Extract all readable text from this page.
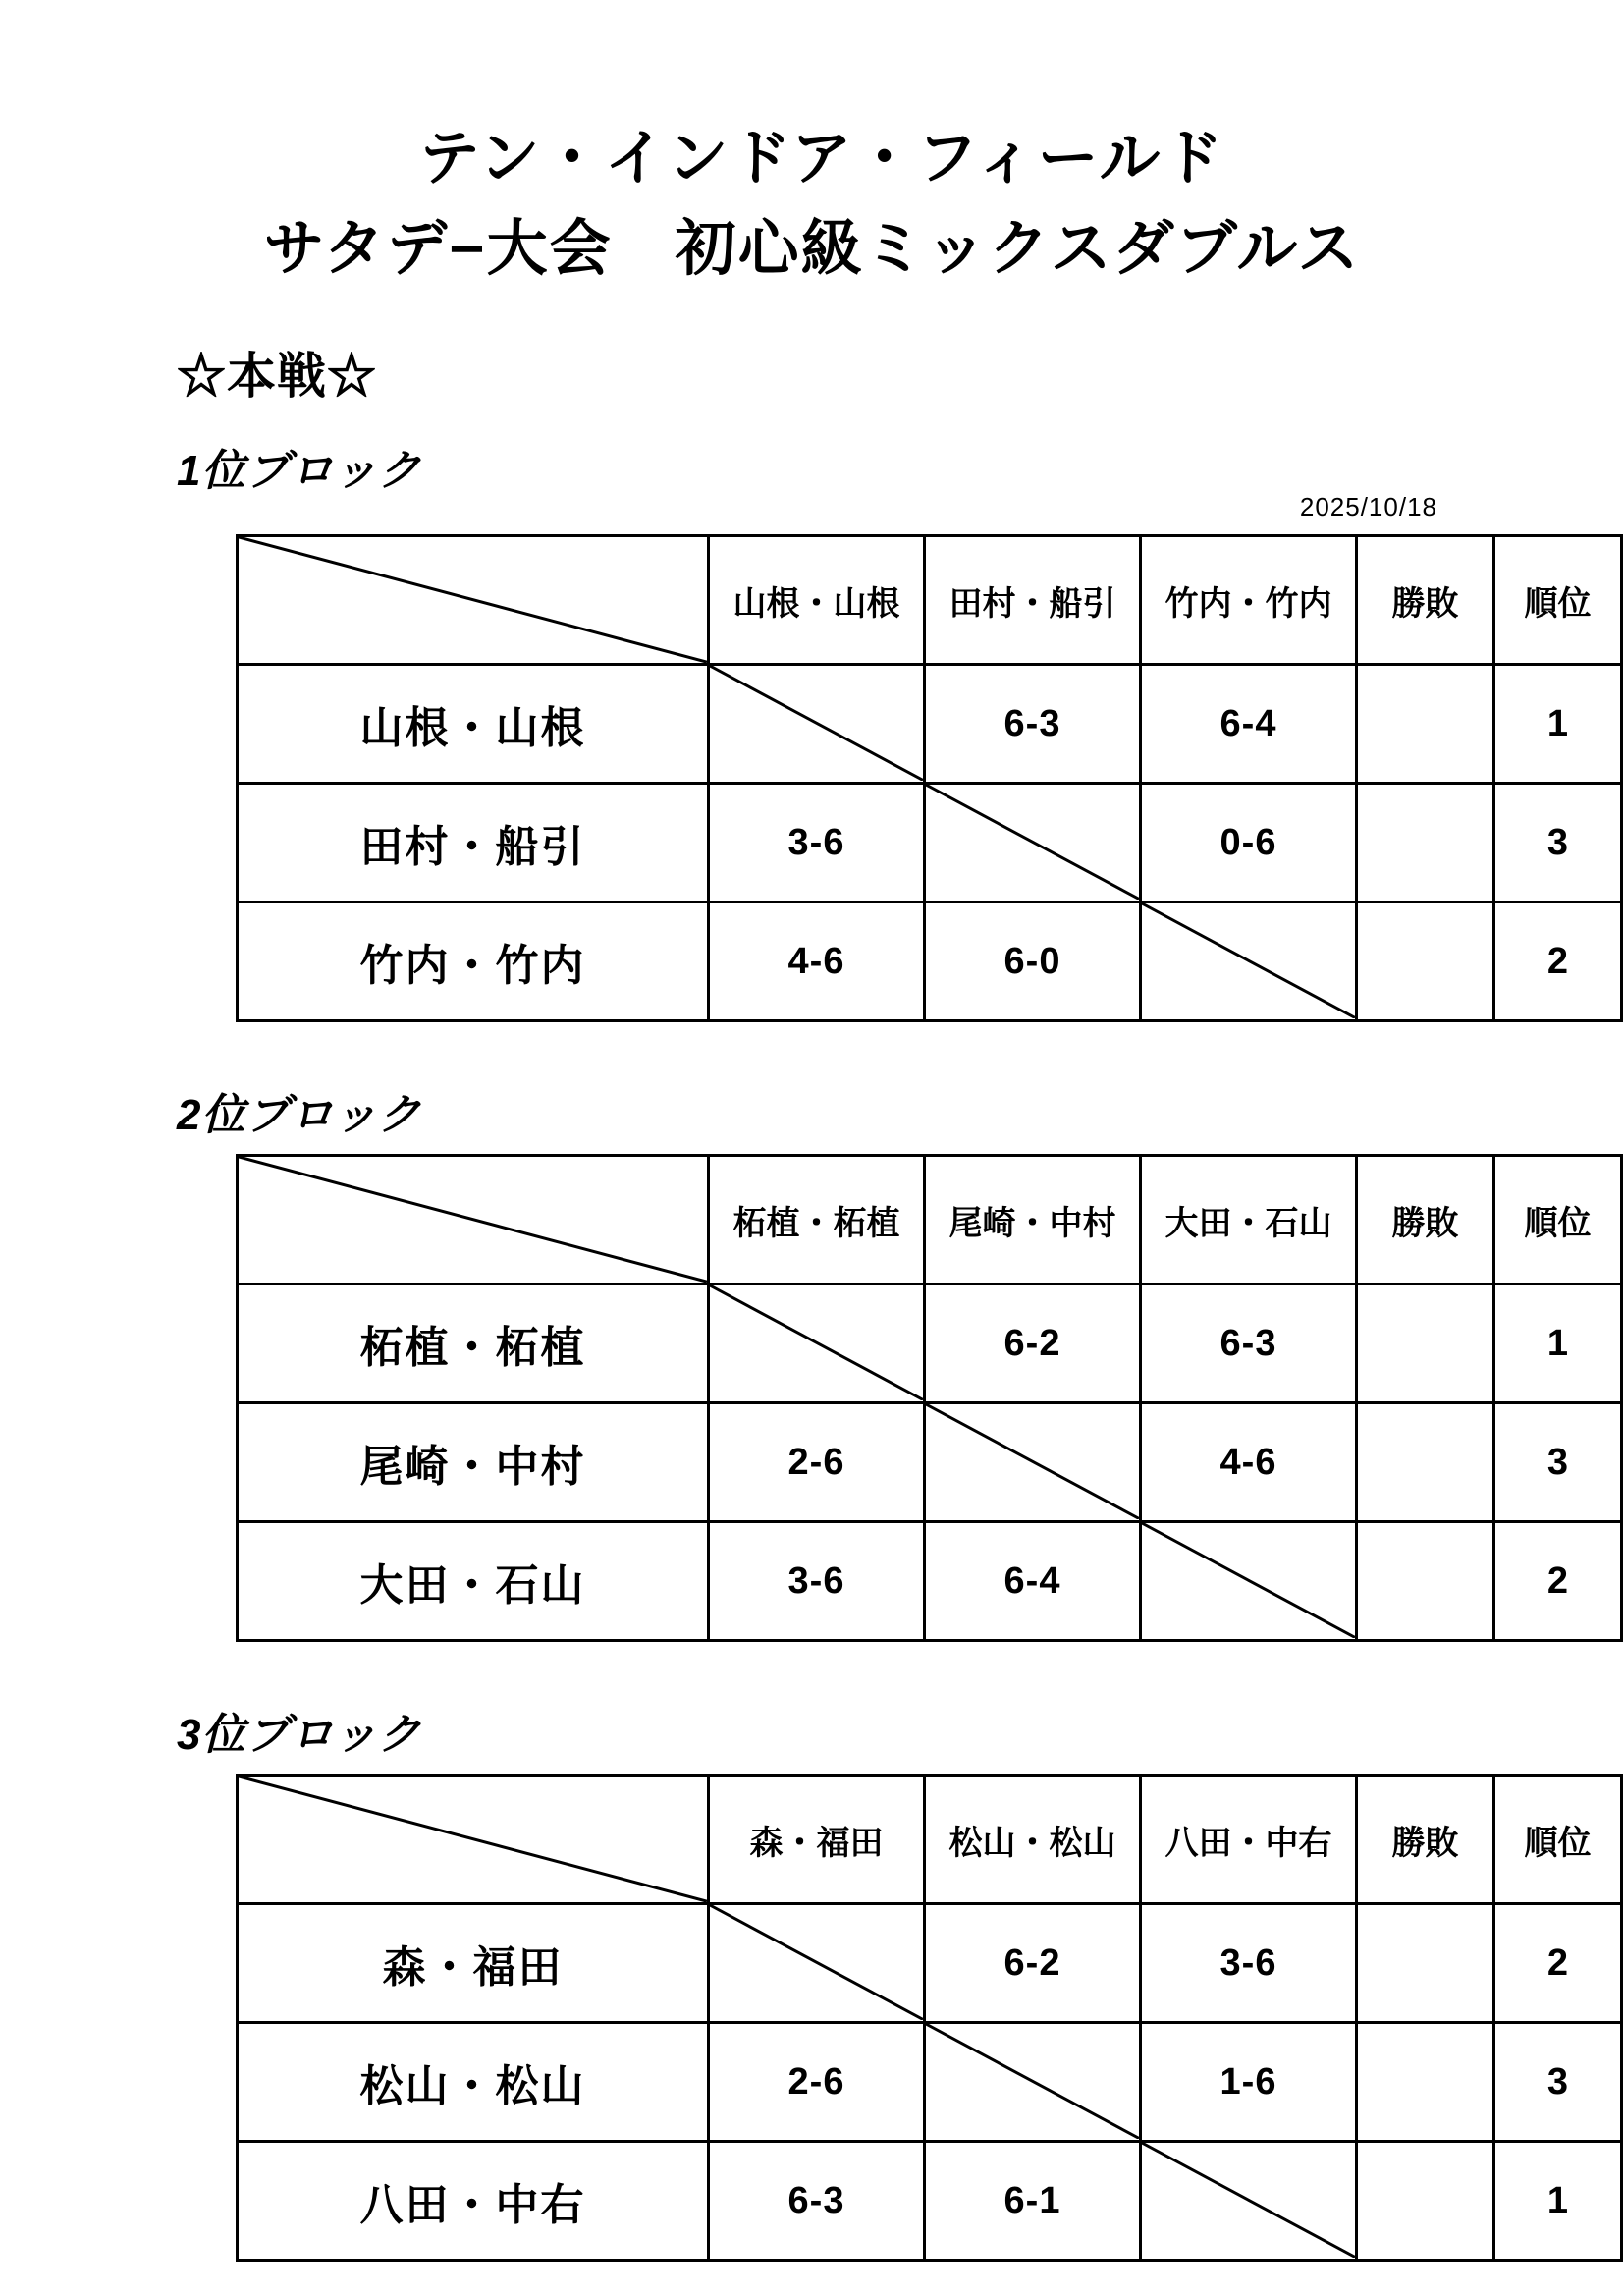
テン・インドア・フィールド
サタデ−大会　初心級ミックスダブルス
☆本戦☆
1位ブロック
2025/10/18
	山根・山根	田村・船引	竹内・竹内	勝敗	順位
山根・山根		6-3	6-4		1
田村・船引	3-6		0-6		3
竹内・竹内	4-6	6-0			2
2位ブロック
	柘植・柘植	尾崎・中村	大田・石山	勝敗	順位
柘植・柘植		6-2	6-3		1
尾崎・中村	2-6		4-6		3
大田・石山	3-6	6-4			2
3位ブロック
	森・福田	松山・松山	八田・中右	勝敗	順位
森・福田		6-2	3-6		2
松山・松山	2-6		1-6		3
八田・中右	6-3	6-1			1
